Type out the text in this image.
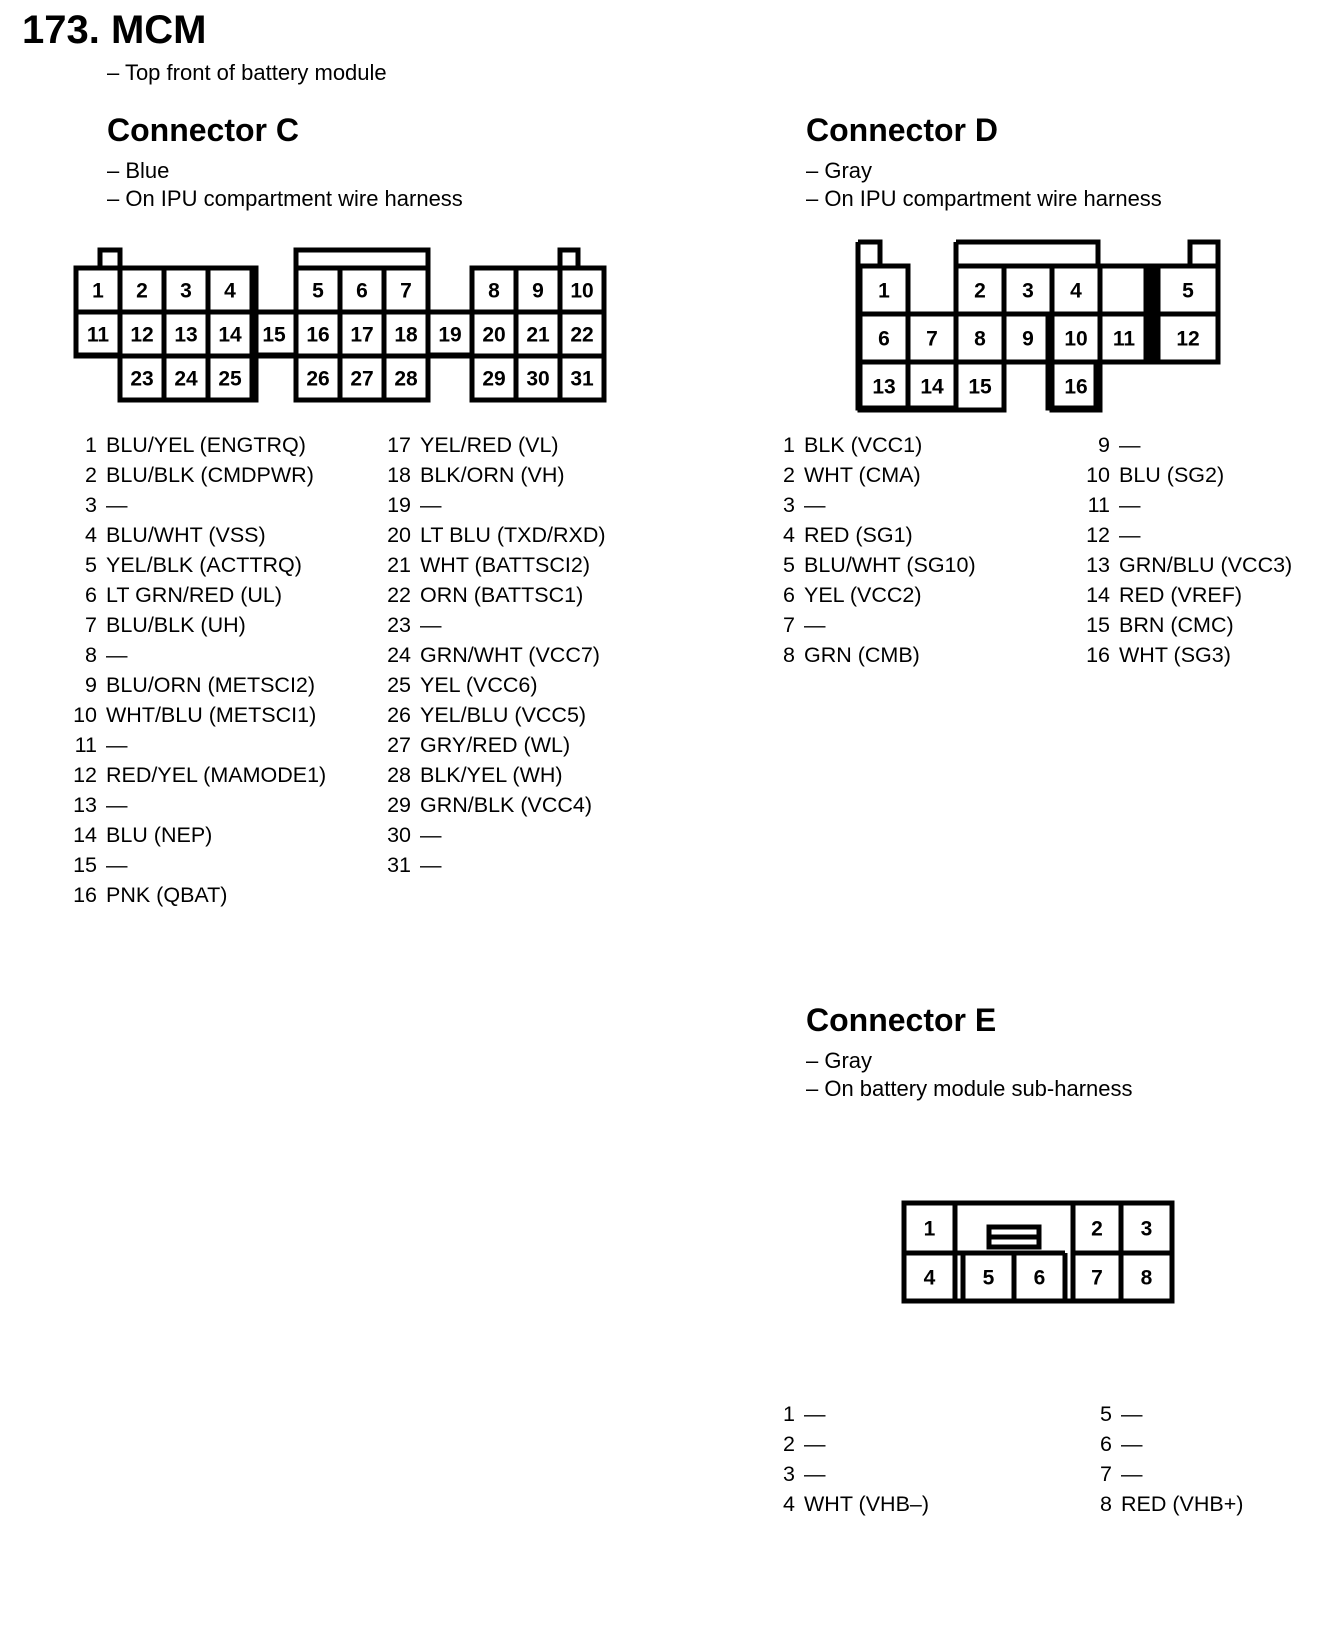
173. MCM
– Top front of battery module
Connector C
– Blue
– On IPU compartment wire harness
1 2 3 4	5 6 7	8 9 10
11 12 13 14 15 16 17 18 19 20 21 22
23 24 25	26 27 28	29 30 31
1 BLU/YEL (ENGTRQ)
2 BLU/BLK (CMDPWR)
3 —
4 BLU/WHT (VSS)
5 YEL/BLK (ACTTRQ)
6 LT GRN/RED (UL)
7 BLU/BLK (UH)
8 —
9 BLU/ORN (METSCI2)
10 WHT/BLU (METSCI1)
11 —
12 RED/YEL (MAMODE1)
13 —
14 BLU (NEP)
15 —
16 PNK (QBAT)
17 YEL/RED (VL)
18 BLK/ORN (VH)
19 —
20 LT BLU (TXD/RXD)
21 WHT (BATTSCI2)
22 ORN (BATTSC1)
23 —
24 GRN/WHT (VCC7)
25 YEL (VCC6)
26 YEL/BLU (VCC5)
27 GRY/RED (WL)
28 BLK/YEL (WH)
29 GRN/BLK (VCC4)
30 —
31 —
Connector D
– Gray
– On IPU compartment wire harness
1	2 3 4	5
6 7 8 9 10 11 12
13 14 15	16
1 BLK (VCC1)
2 WHT (CMA)
3 —
4 RED (SG1)
5 BLU/WHT (SG10)
6 YEL (VCC2)
7 —
8 GRN (CMB)
9 —
10 BLU (SG2)
11 —
12 —
13 GRN/BLU (VCC3)
14 RED (VREF)
15 BRN (CMC)
16 WHT (SG3)
Connector E
– Gray
– On battery module sub-harness
1	2 3
4 5 6 7 8
1 —
2 —
3 —
4 WHT (VHB–)
5 —
6 —
7 —
8 RED (VHB+)
